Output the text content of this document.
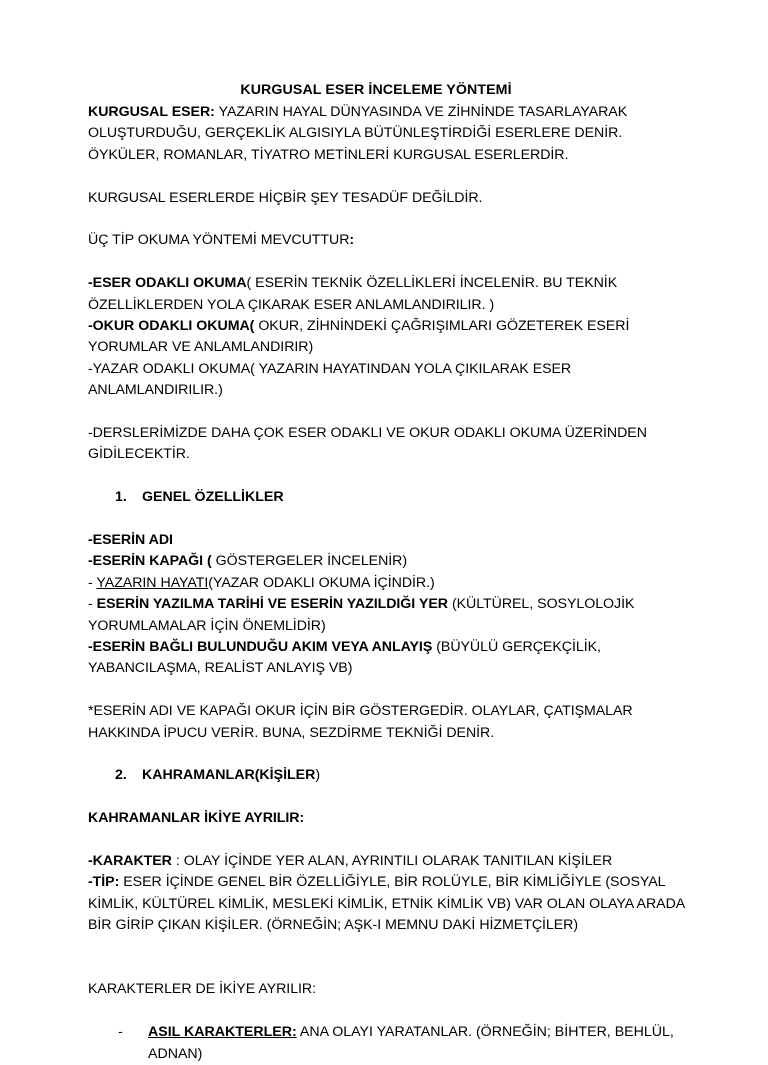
KURGUSAL ESER İNCELEME YÖNTEMİ

KURGUSAL ESER: YAZARIN HAYAL DÜNYASINDA VE ZİHNİNDE TASARLAYARAK OLUŞTURDUĞU, GERÇEKLİK ALGISIYLA BÜTÜNLEŞTİRDİĞİ ESERLERE DENİR. ÖYKÜLER, ROMANLAR, TİYATRO METİNLERİ KURGUSAL ESERLERDİR.

KURGUSAL ESERLERDE HİÇBİR ŞEY TESADÜF DEĞİLDİR.

ÜÇ TİP OKUMA YÖNTEMİ MEVCUTTUR:

-ESER ODAKLI OKUMA( ESERİN TEKNİK ÖZELLİKLERİ İNCELENİR. BU TEKNİK ÖZELLİKLERDEN YOLA ÇIKARAK ESER ANLAMLANDIRILIR. )

-OKUR ODAKLI OKUMA( OKUR, ZİHNİNDEKİ ÇAĞRIŞIMLARI GÖZETEREK ESERİ YORUMLAR VE ANLAMLANDIRIR)

-YAZAR ODAKLI OKUMA( YAZARIN HAYATINDAN YOLA ÇIKILARAK ESER ANLAMLANDIRILIR.)

-DERSLERİMİZDE DAHA ÇOK ESER ODAKLI VE OKUR ODAKLI OKUMA ÜZERİNDEN GİDİLECEKTİR.

1.	GENEL ÖZELLİKLER

-ESERİN ADI

-ESERİN KAPAĞI ( GÖSTERGELER İNCELENİR)

- YAZARIN HAYATI(YAZAR ODAKLI OKUMA İÇİNDİR.)

- ESERİN YAZILMA TARİHİ VE ESERİN YAZILDIĞI YER (KÜLTÜREL, SOSYLOLOJİK YORUMLAMALAR İÇİN ÖNEMLİDİR)

-ESERİN BAĞLI BULUNDUĞU AKIM VEYA ANLAYIŞ (BÜYÜLÜ GERÇEKÇİLİK, YABANCILAŞMA, REALİST ANLAYIŞ VB)

*ESERİN ADI VE KAPAĞI OKUR İÇİN BİR GÖSTERGEDİR. OLAYLAR, ÇATIŞMALAR HAKKINDA İPUCU VERİR. BUNA, SEZDİRME TEKNİĞİ DENİR.

2.	KAHRAMANLAR(KİŞİLER)

KAHRAMANLAR İKİYE AYRILIR:

-KARAKTER : OLAY İÇİNDE YER ALAN, AYRINTILI OLARAK TANITILAN KİŞİLER

-TİP: ESER İÇİNDE GENEL BİR ÖZELLİĞİYLE, BİR ROLÜYLE, BİR KİMLİĞİYLE (SOSYAL KİMLİK, KÜLTÜREL KİMLİK, MESLEKİ KİMLİK, ETNİK KİMLİK VB) VAR OLAN OLAYA ARADA BİR GİRİP ÇIKAN KİŞİLER. (ÖRNEĞİN; AŞK-I MEMNU DAKİ HİZMETÇİLER)

KARAKTERLER DE İKİYE AYRILIR:

-	ASIL KARAKTERLER: ANA OLAYI YARATANLAR. (ÖRNEĞİN; BİHTER, BEHLÜL, ADNAN)
